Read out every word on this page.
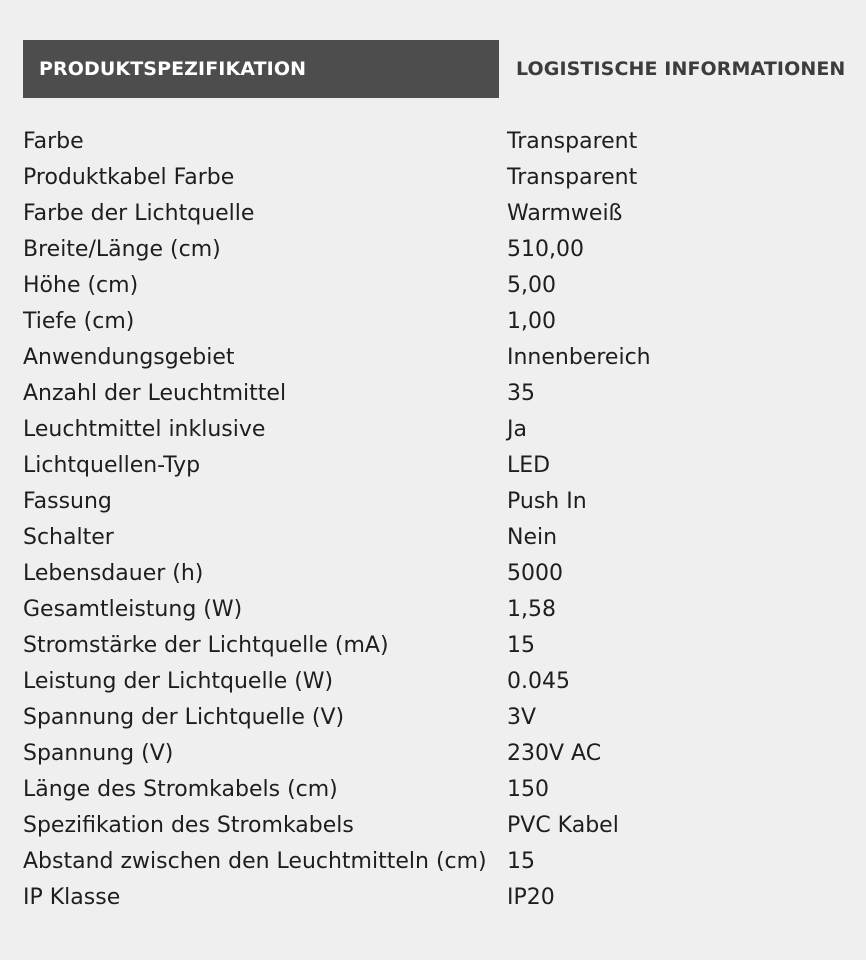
PRODUKTSPEZIFIKATION	LOGISTISCHE INFORMATIONEN
Farbe	Transparent
Produktkabel Farbe	Transparent
Farbe der Lichtquelle	Warmweiß
Breite/Länge (cm)	510,00
Höhe (cm)	5,00
Tiefe (cm)	1,00
Anwendungsgebiet	Innenbereich
Anzahl der Leuchtmittel	35
Leuchtmittel inklusive	Ja
Lichtquellen-Typ	LED
Fassung	Push In
Schalter	Nein
Lebensdauer (h)	5000
Gesamtleistung (W)	1,58
Stromstärke der Lichtquelle (mA)	15
Leistung der Lichtquelle (W)	0.045
Spannung der Lichtquelle (V)	3V
Spannung (V)	230V AC
Länge des Stromkabels (cm)	150
Spezifikation des Stromkabels	PVC Kabel
Abstand zwischen den Leuchtmitteln (cm) 15
IP Klasse	IP20
